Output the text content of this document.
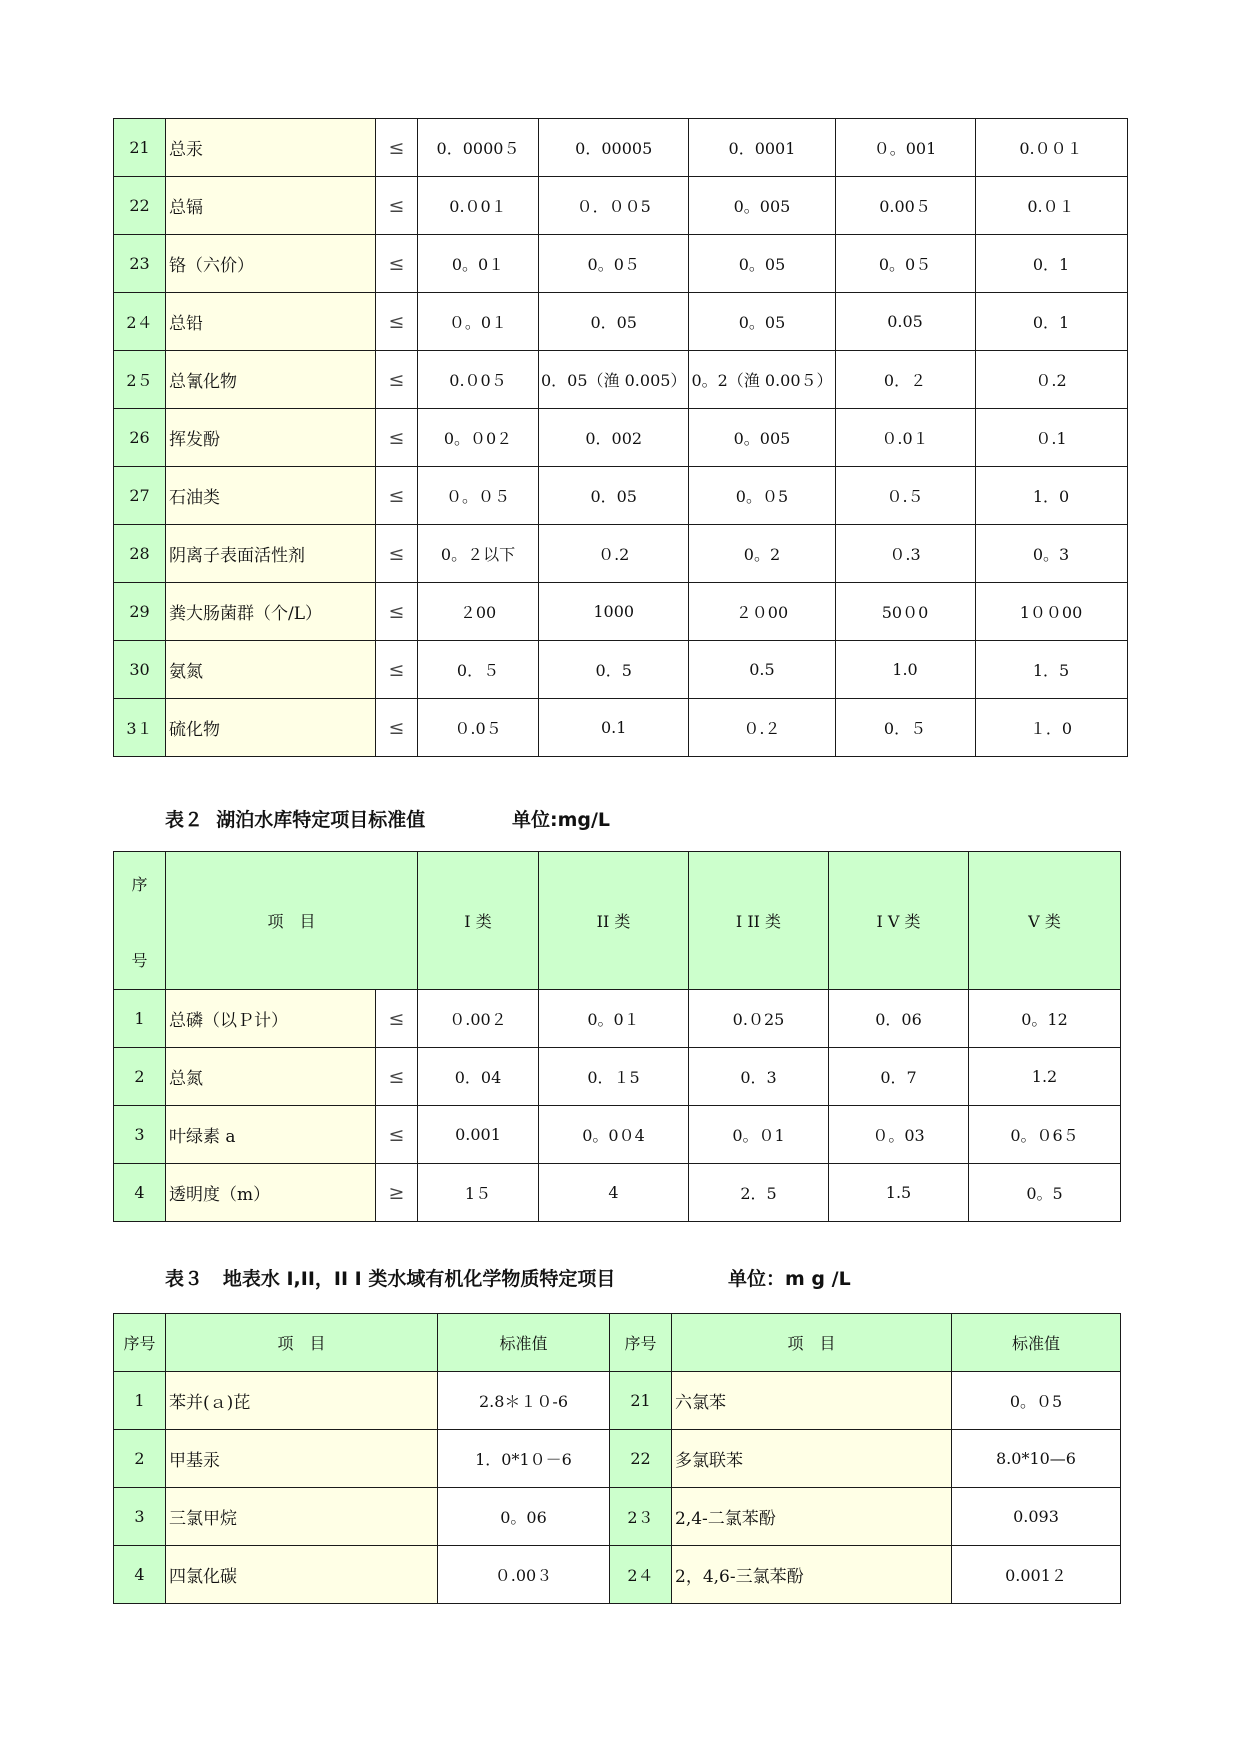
21	总汞	≤	0．0000５	0．00005	0．0001	０。001	0.００１
22	总镉	≤	0.０0１	０．００5	0。005	0.00５	0.０１
23	铬（六价）	≤	0。0１	0。0５	0。05	0。0５	0．1
2４	总铅	≤	０。0１	0．05	0。05	0.05	0．1
2５	总氰化物	≤	0.０0５	0．05（渔 0.005）	0。2（渔 0.00５）	0．２	０.2
26	挥发酚	≤	0。０0２	0．002	0。005	０.0１	０.1
27	石油类	≤	０。０５	0．05	0。０5	０.５	1．0
28	阴离子表面活性剂	≤	0。２以下	０.2	0。2	０.3	0。3
29	粪大肠菌群（个/L）	≤	２00	1000	２０00	50０0	1００00
30	氨氮	≤	0．５	0．5	0.5	1.0	1．5
3１	硫化物	≤	０.0５	0.1	０.２	0．５	１．0
表２  湖泊水库特定项目标准值	单位:mg/L
序
号	项　目		I 类	II 类	I II 类	I V 类	V 类
1	总磷（以Ｐ计）	≤	０.00２	0。0１	0.０25	0．06	0。12
2	总氮	≤	0．04	0．１5	0．3	0．7	1.2
3	叶绿素 a	≤	0.001	0。0０4	0。０1	０。03	0。０6５
4	透明度（m）	≥	1５	4	2．5	1.5	0。5
表３   地表水 I,II，II I 类水域有机化学物质特定项目	单位：m g /L
序号	项　目	标准值	序号	项　目	标准值
1	苯并(ａ)芘	2.8＊１０-6	21	六氯苯	0。０5
2	甲基汞	1．0*1０－6	22	多氯联苯	8.0*10—6
3	三氯甲烷	0。06	2３	2,4-二氯苯酚	0.093
4	四氯化碳	０.00３	2４	2，4,6-三氯苯酚	0.001２
